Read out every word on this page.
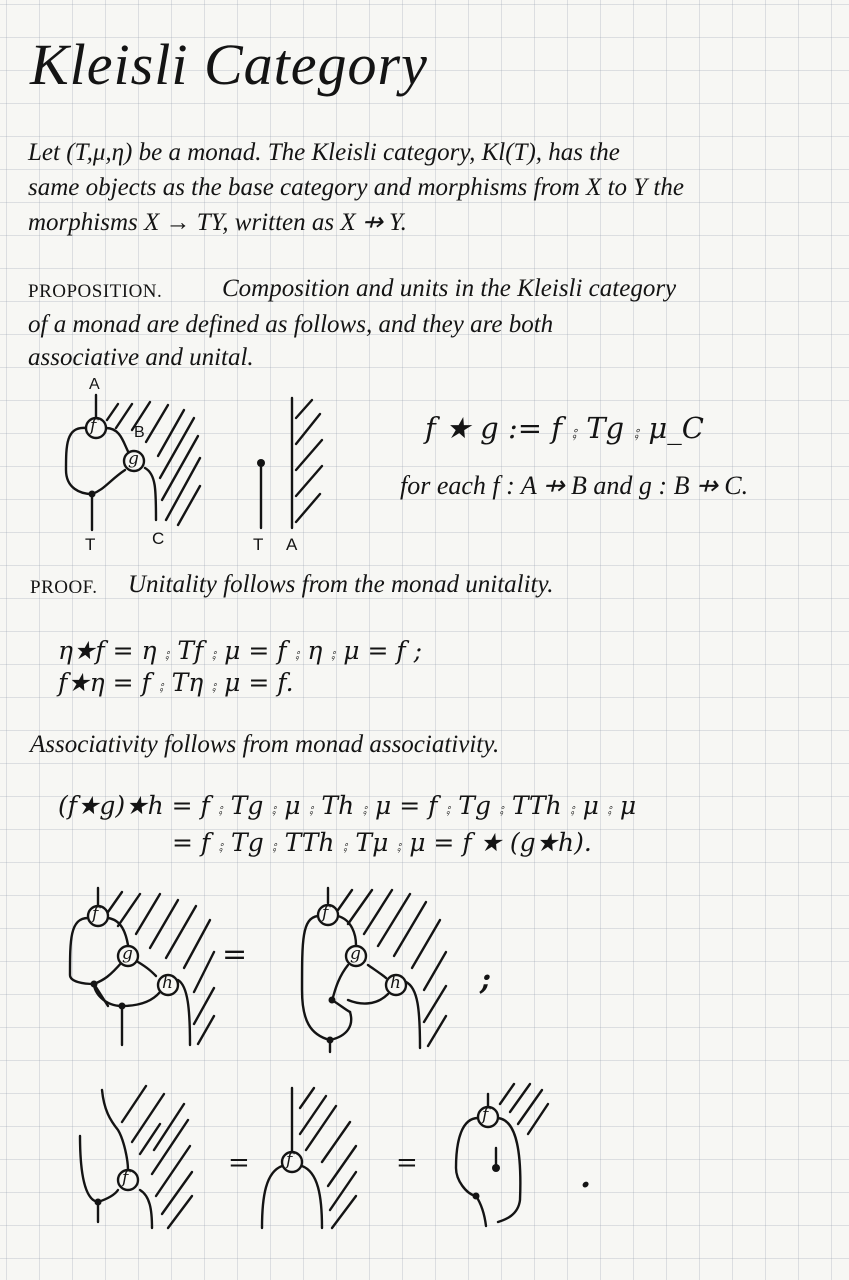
Kleisli Category
Let (T,μ,η) be a monad. The Kleisli category, Kl(T), has the
same objects as the base category and morphisms from X to Y the
morphisms X → TY, written as X ⇸ Y.
PROPOSITION. Composition and units in the Kleisli category
of a monad are defined as follows, and they are both
associative and unital.
f
g
A
B
T	C	T A
f ★ g := f ⨾ Tg ⨾ μ_C
for each f : A ⇸ B and g : B ⇸ C.
PROOF. Unitality follows from the monad unitality.
η★f = η ⨾ Tf ⨾ μ = f ⨾ η ⨾ μ = f ;
f★η = f ⨾ Tη ⨾ μ = f.
Associativity follows from monad associativity.
(f★g)★h = f ⨾ Tg ⨾ μ ⨾ Th ⨾ μ = f ⨾ Tg ⨾ TTh ⨾ μ ⨾ μ
= f ⨾ Tg ⨾ TTh ⨾ Tμ ⨾ μ = f ★ (g★h).
f
g
h
f
g
h
=
;
f
f
f
=	=	.
